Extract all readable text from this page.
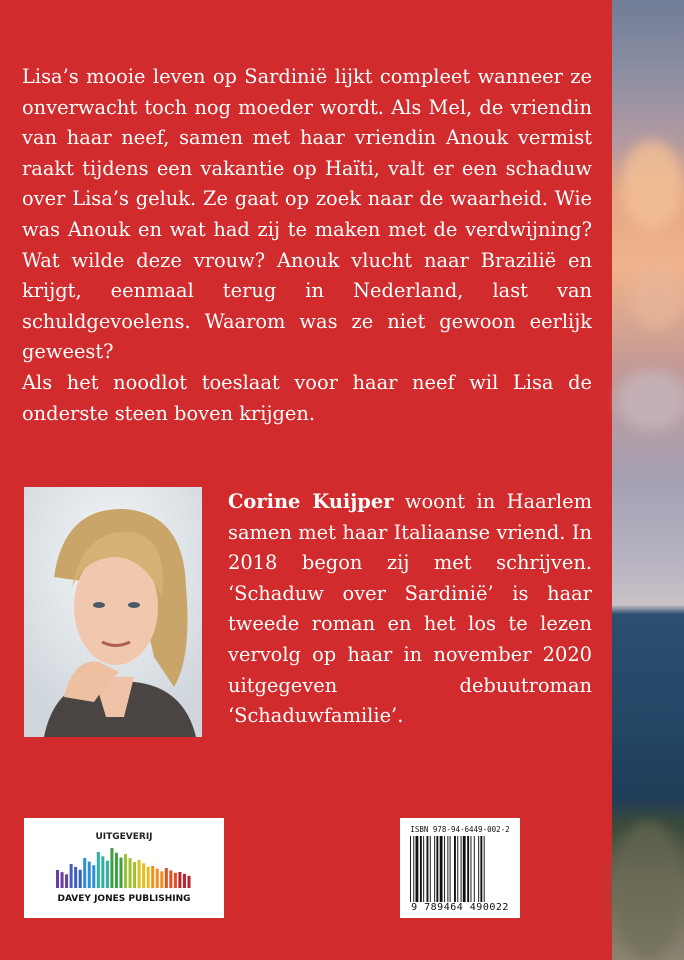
Lisa’s mooie leven op Sardinië lijkt compleet wanneer ze onverwacht toch nog moeder wordt. Als Mel, de vriendin van haar neef, samen met haar vriendin Anouk vermist raakt tijdens een vakantie op Haïti, valt er een schaduw over Lisa’s geluk. Ze gaat op zoek naar de waarheid. Wie was Anouk en wat had zij te maken met de verdwijning? Wat wilde deze vrouw? Anouk vlucht naar Brazilië en krijgt, eenmaal terug in Nederland, last van schuldgevoelens. Waarom was ze niet gewoon eerlijk geweest?
Als het noodlot toeslaat voor haar neef wil Lisa de onderste steen boven krijgen.

Corine Kuijper woont in Haarlem samen met haar Italiaanse vriend. In 2018 begon zij met schrijven. ‘Schaduw over Sardinië’ is haar tweede roman en het los te lezen vervolg op haar in november 2020 uitgegeven debuutroman ‘Schaduwfamilie’.

UITGEVERIJ
DAVEY JONES PUBLISHING
ISBN 978-94-6449-002-2
9 789464 490022
